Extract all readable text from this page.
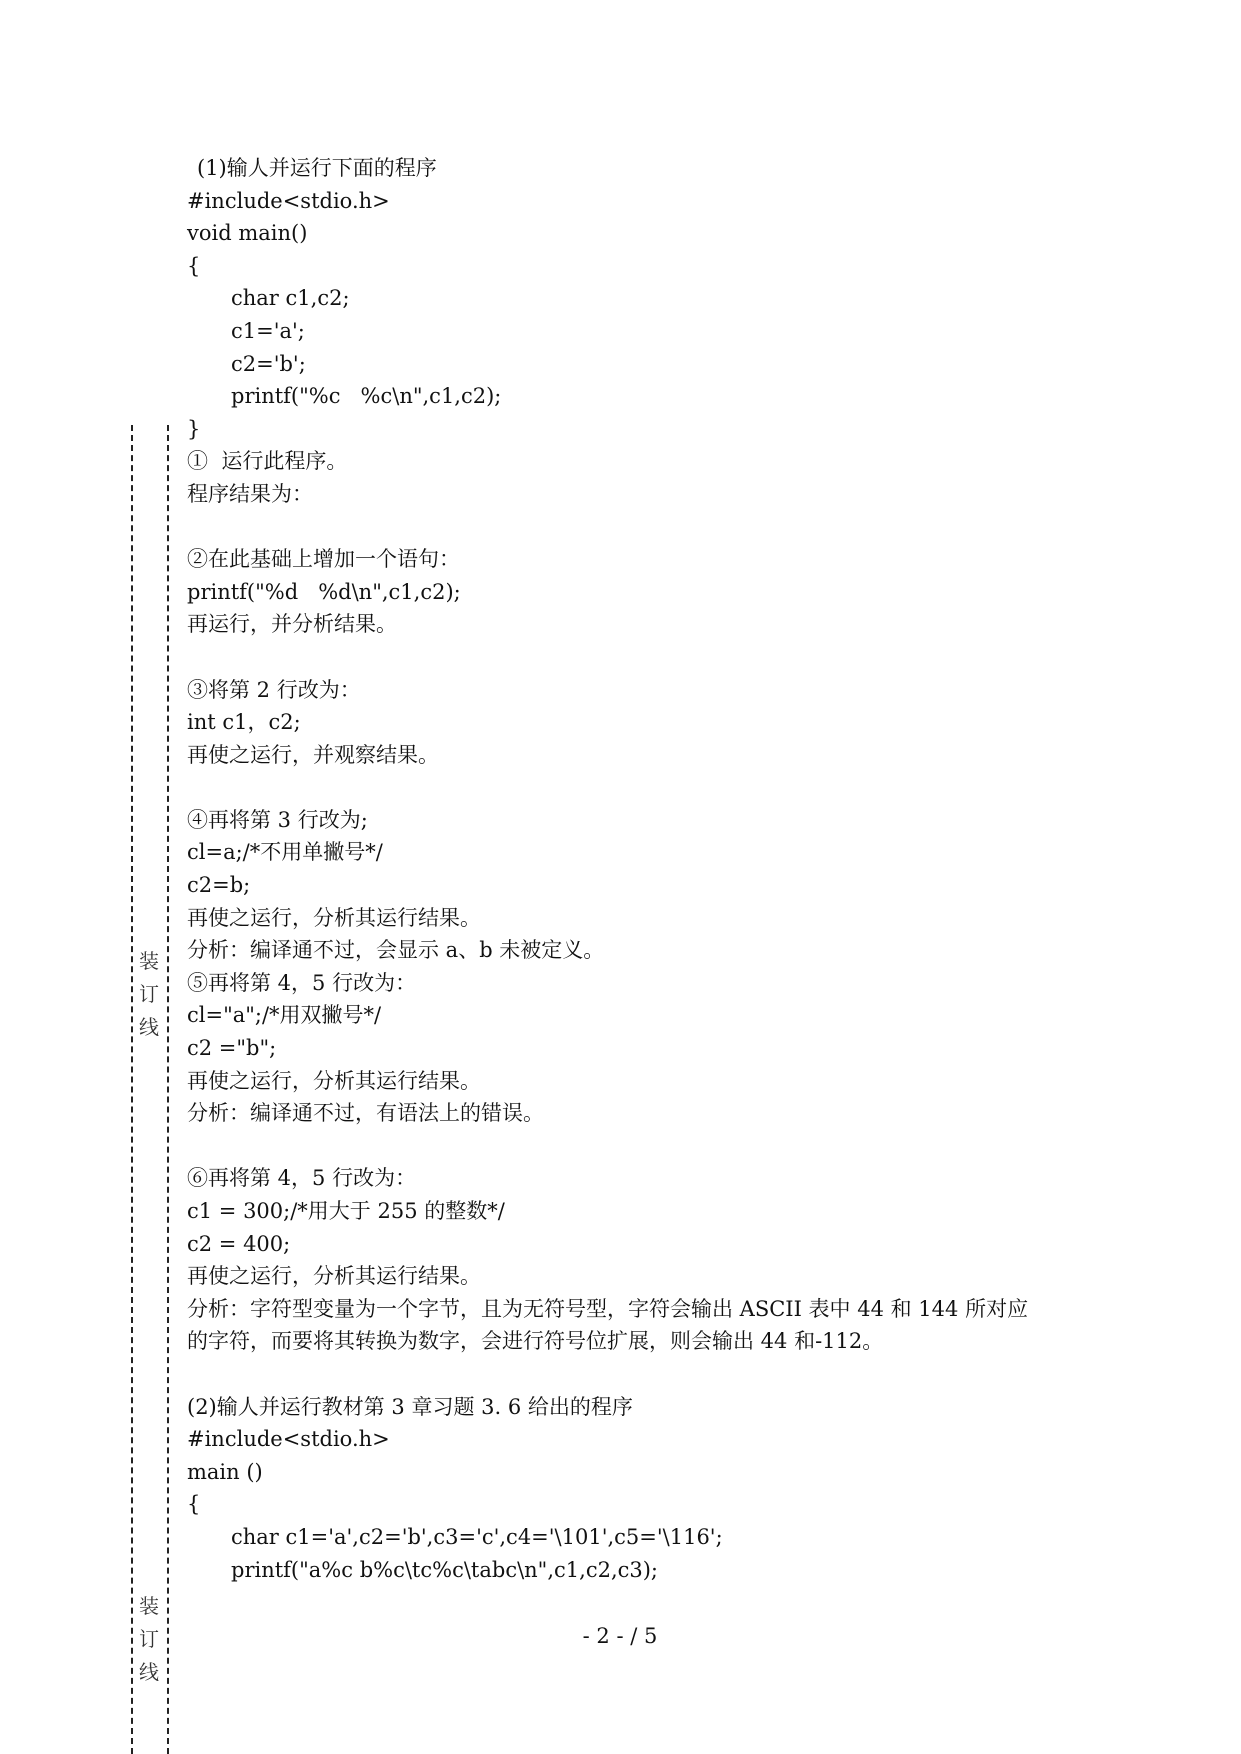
装
订
线
装
订
线

(1)输人并运行下面的程序

#include<stdio.h>

void main()

{

char c1,c2;

c1='a';

c2='b';

printf("%c   %c\n",c1,c2);

}

①  运行此程序。

程序结果为：

②在此基础上增加一个语句：

printf("%d   %d\n",c1,c2);

再运行，并分析结果。

③将第 2 行改为：

int c1，c2;

再使之运行，并观察结果。

④再将第 3 行改为;

cl=a;/*不用单撇号*/

c2=b;

再使之运行，分析其运行结果。

分析：编译通不过，会显示 a、b 未被定义。

⑤再将第 4，5 行改为：

cl="a";/*用双撇号*/

c2 ="b";

再使之运行，分析其运行结果。

分析：编译通不过，有语法上的错误。

⑥再将第 4，5 行改为：

c1 = 300;/*用大于 255 的整数*/

c2 = 400;

再使之运行，分析其运行结果。

分析：字符型变量为一个字节，且为无符号型，字符会输出 ASCII 表中 44 和 144 所对应

的字符，而要将其转换为数字，会进行符号位扩展，则会输出 44 和-112。

(2)输人并运行教材第 3 章习题 3. 6 给出的程序

#include<stdio.h>

main ()

{

char c1='a',c2='b',c3='c',c4='\101',c5='\116';

printf("a%c b%c\tc%c\tabc\n",c1,c2,c3);

- 2 - / 5
